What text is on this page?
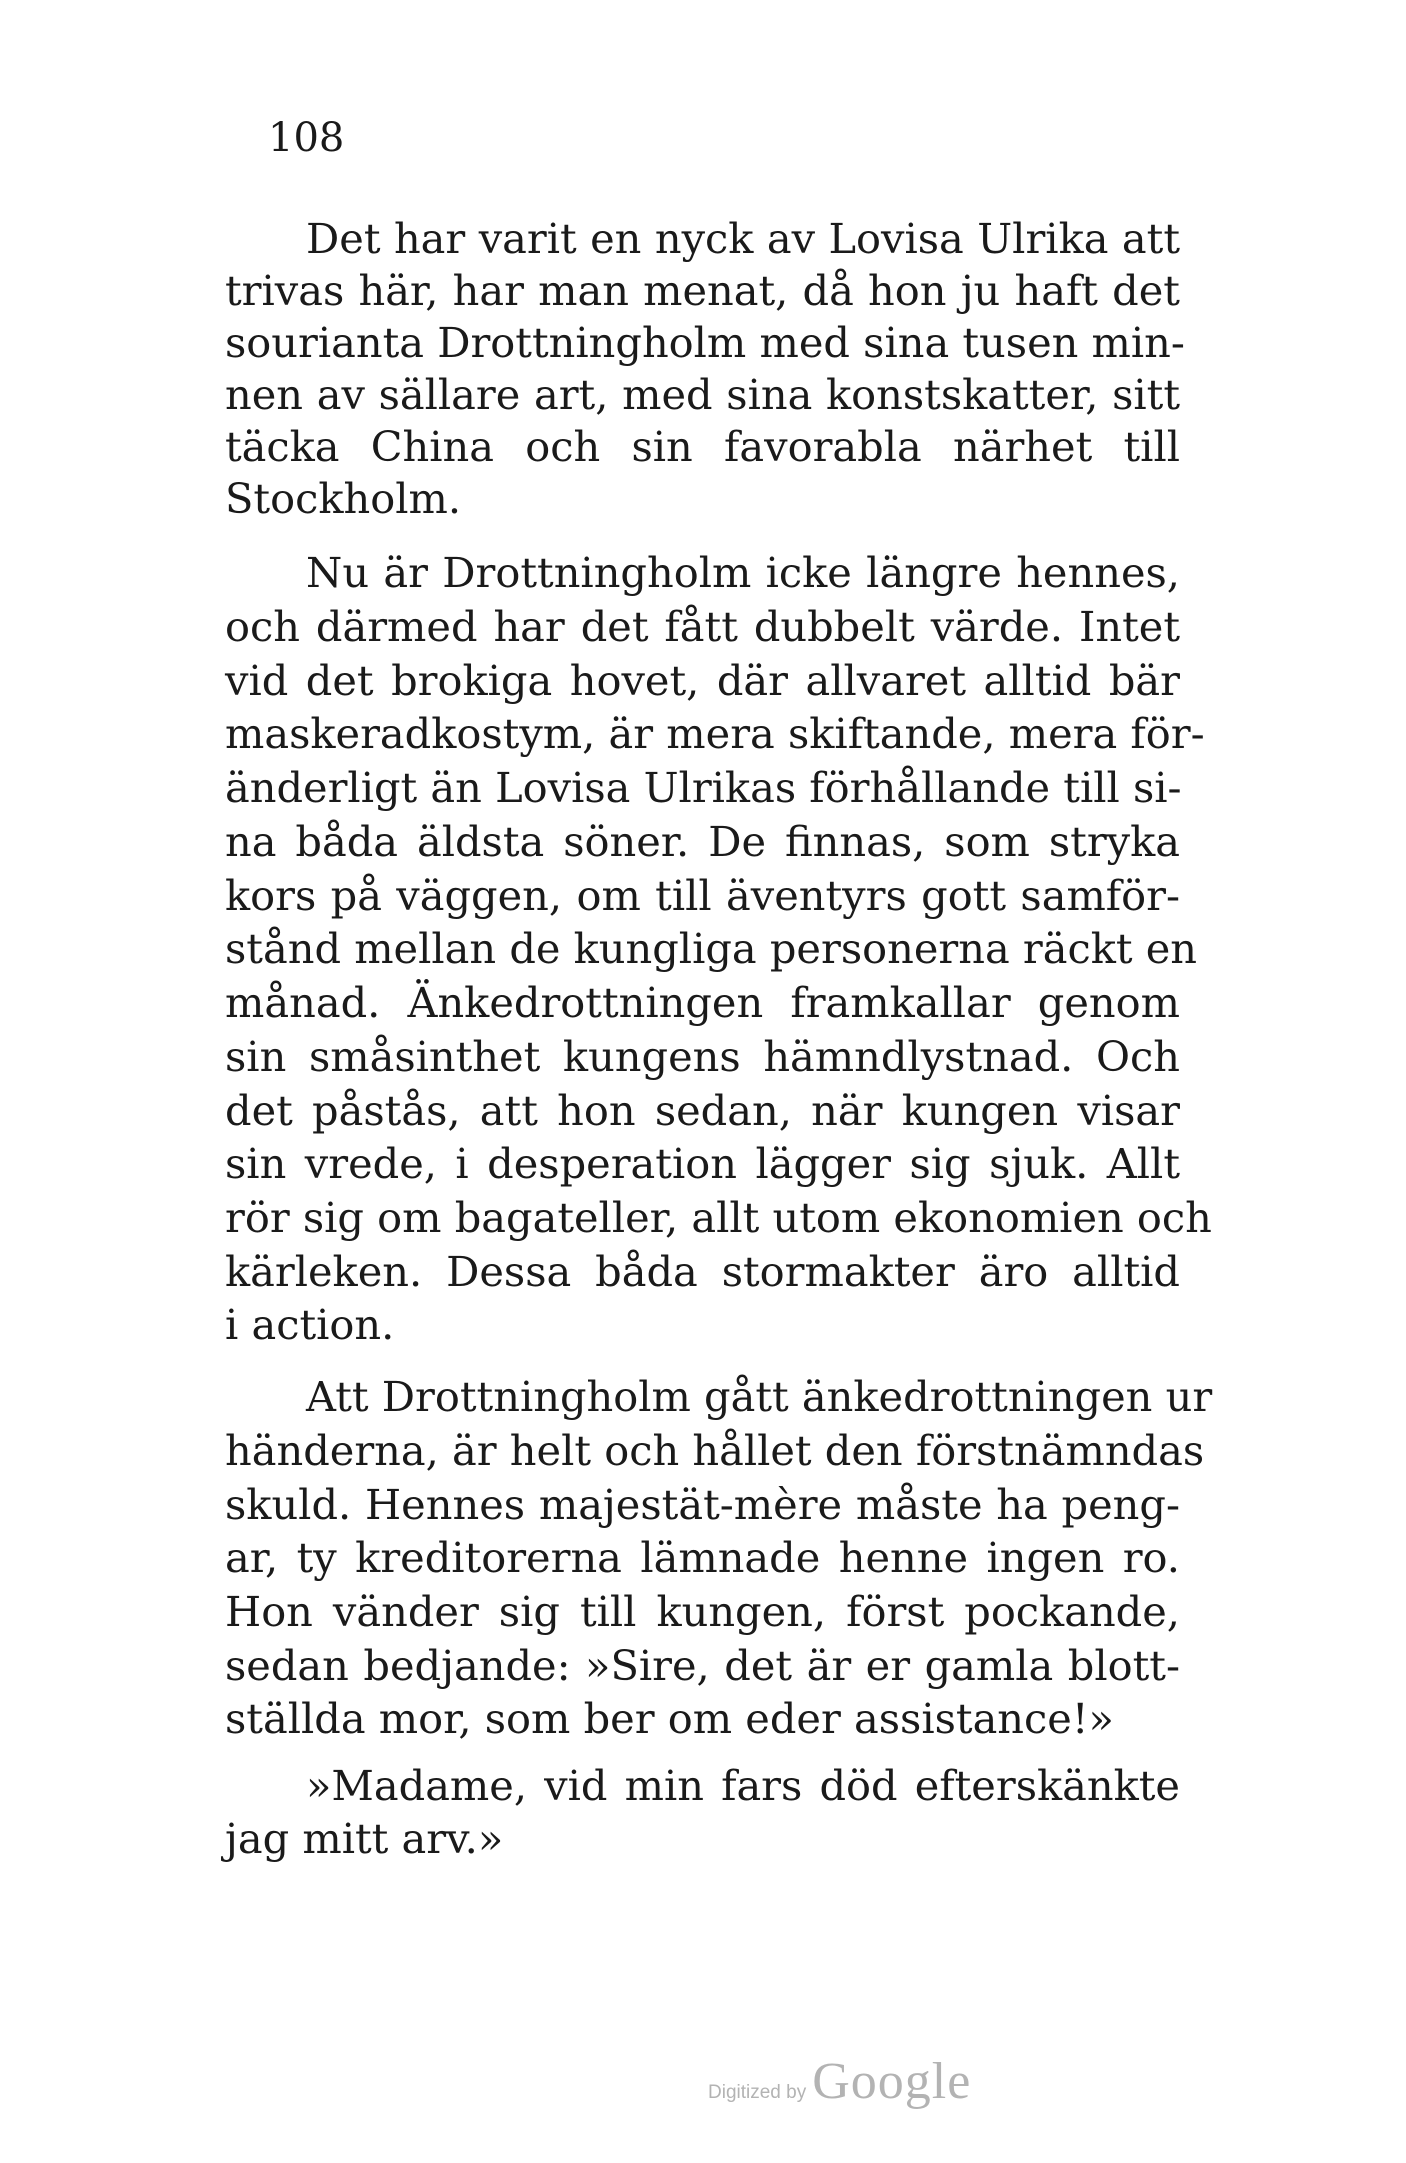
108

Det har varit en nyck av Lovisa Ulrika att

trivas här, har man menat, då hon ju haft det

sourianta Drottningholm med sina tusen min-

nen av sällare art, med sina konstskatter, sitt

täcka China och sin favorabla närhet till

Stockholm.

Nu är Drottningholm icke längre hennes,

och därmed har det fått dubbelt värde. Intet

vid det brokiga hovet, där allvaret alltid bär

maskeradkostym, är mera skiftande, mera för-

änderligt än Lovisa Ulrikas förhållande till si-

na båda äldsta söner. De finnas, som stryka

kors på väggen, om till äventyrs gott samför-

stånd mellan de kungliga personerna räckt en

månad. Änkedrottningen framkallar genom

sin småsinthet kungens hämndlystnad. Och

det påstås, att hon sedan, när kungen visar

sin vrede, i desperation lägger sig sjuk. Allt

rör sig om bagateller, allt utom ekonomien och

kärleken. Dessa båda stormakter äro alltid

i action.

Att Drottningholm gått änkedrottningen ur

händerna, är helt och hållet den förstnämndas

skuld. Hennes majestät-mère måste ha peng-

ar, ty kreditorerna lämnade henne ingen ro.

Hon vänder sig till kungen, först pockande,

sedan bedjande: »Sire, det är er gamla blott-

ställda mor, som ber om eder assistance!»

»Madame, vid min fars död efterskänkte

jag mitt arv.»

Digitized by Google
